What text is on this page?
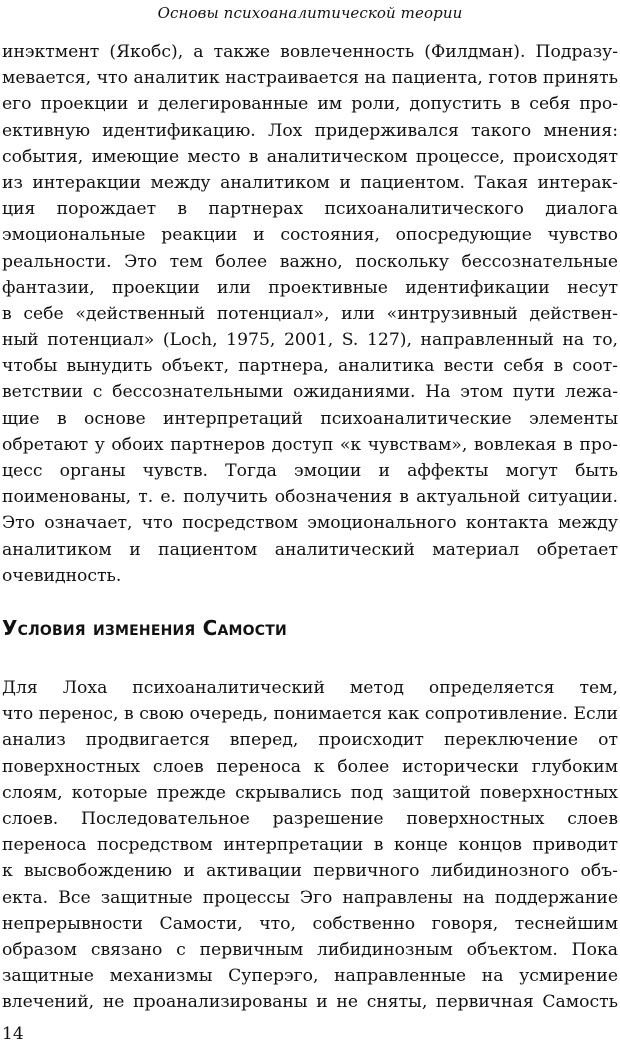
Основы психоаналитической теории
инэктмент (Якобс), а также вовлеченность (Филдман). Подразу-
мевается, что аналитик настраивается на пациента, готов принять
его проекции и делегированные им роли, допустить в себя про-
ективную идентификацию. Лох придерживался такого мнения:
события, имеющие место в аналитическом процессе, происходят
из интеракции между аналитиком и пациентом. Такая интерак-
ция порождает в партнерах психоаналитического диалога
эмоциональные реакции и состояния, опосредующие чувство
реальности. Это тем более важно, поскольку бессознательные
фантазии, проекции или проективные идентификации несут
в себе «действенный потенциал», или «интрузивный действен-
ный потенциал» (Loch, 1975, 2001, S. 127), направленный на то,
чтобы вынудить объект, партнера, аналитика вести себя в соот-
ветствии с бессознательными ожиданиями. На этом пути лежа-
щие в основе интерпретаций психоаналитические элементы
обретают у обоих партнеров доступ «к чувствам», вовлекая в про-
цесс органы чувств. Тогда эмоции и аффекты могут быть
поименованы, т. е. получить обозначения в актуальной ситуации.
Это означает, что посредством эмоционального контакта между
аналитиком и пациентом аналитический материал обретает
очевидность.
Условия изменения Самости
Для Лоха психоаналитический метод определяется тем,
что перенос, в свою очередь, понимается как сопротивление. Если
анализ продвигается вперед, происходит переключение от
поверхностных слоев переноса к более исторически глубоким
слоям, которые прежде скрывались под защитой поверхностных
слоев. Последовательное разрешение поверхностных слоев
переноса посредством интерпретации в конце концов приводит
к высвобождению и активации первичного либидинозного объ-
екта. Все защитные процессы Эго направлены на поддержание
непрерывности Самости, что, собственно говоря, теснейшим
образом связано с первичным либидинозным объектом. Пока
защитные механизмы Суперэго, направленные на усмирение
влечений, не проанализированы и не сняты, первичная Самость
14
